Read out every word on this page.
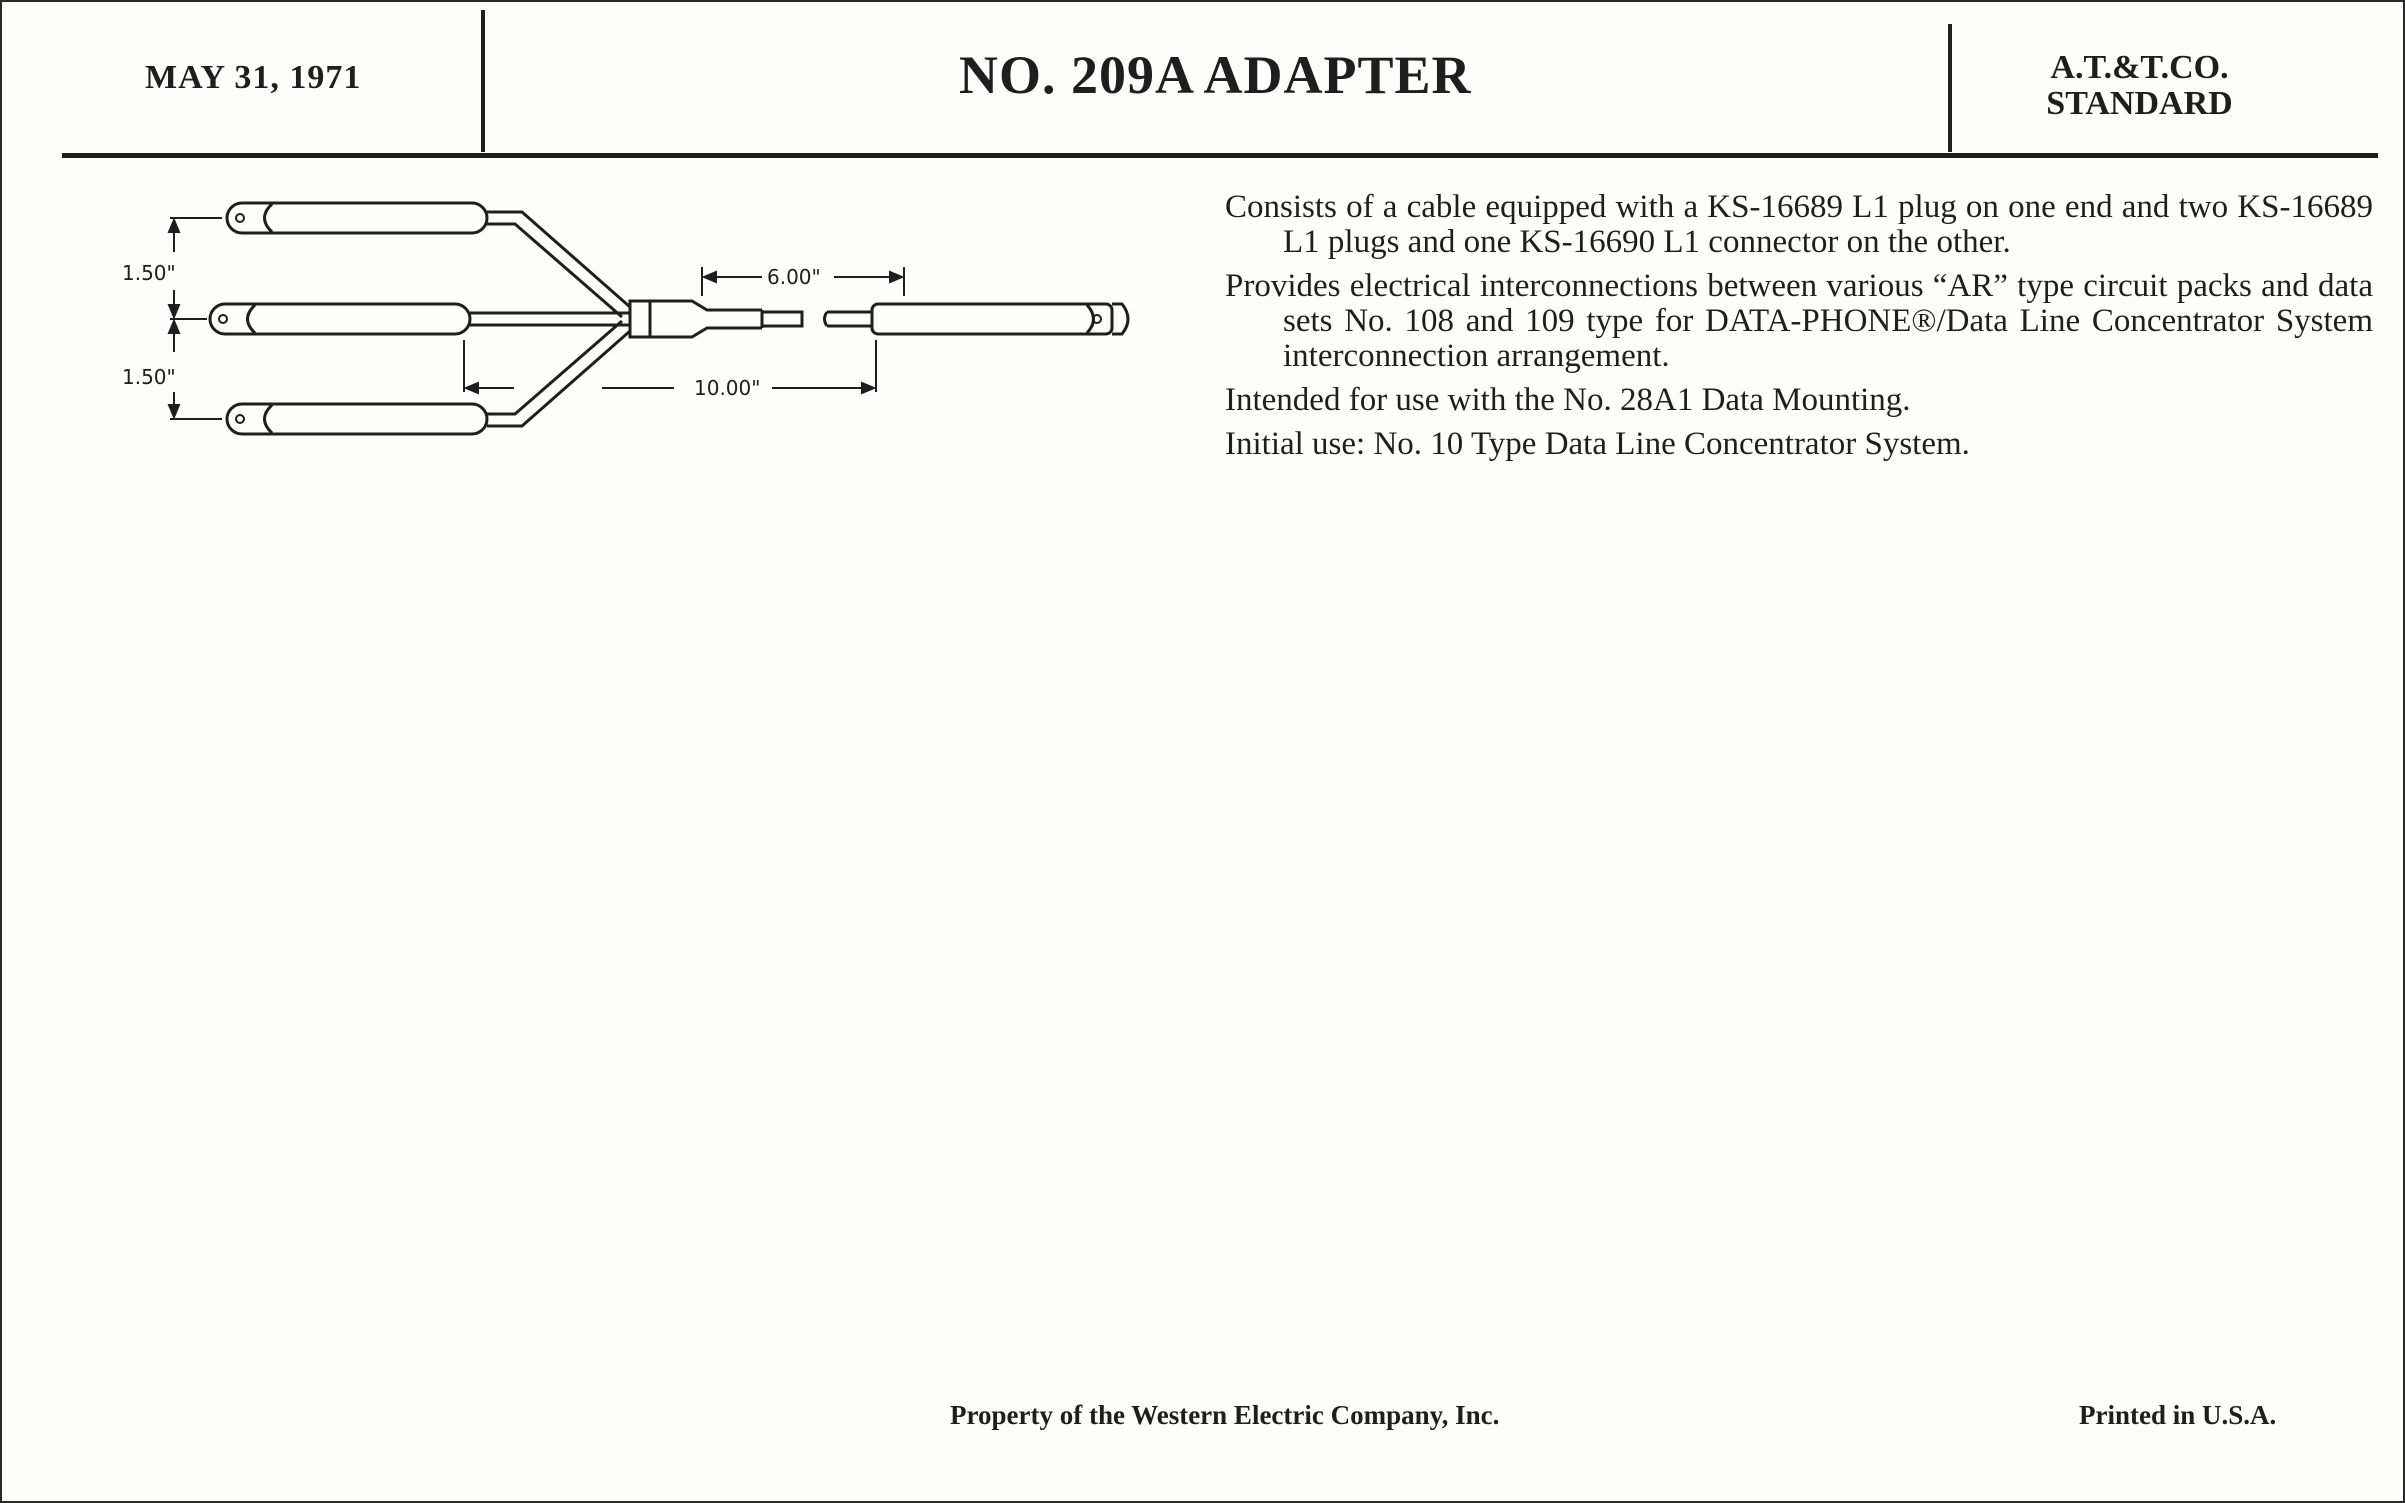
MAY 31, 1971	NO. 209A ADAPTER	A.T.&T.CO.
STANDARD
1.50"
1.50"
6.00"
10.00"

Consists of a cable equipped with a KS-16689 L1 plug on one end and two KS-16689 L1 plugs and one KS-16690 L1 connector on the other.

Provides electrical interconnections between various “AR” type circuit packs and data sets No. 108 and 109 type for DATA-PHONE®/Data Line Concentrator System interconnection arrangement.

Intended for use with the No. 28A1 Data Mounting.

Initial use: No. 10 Type Data Line Concentrator System.

Property of the Western Electric Company, Inc.	Printed in U.S.A.
